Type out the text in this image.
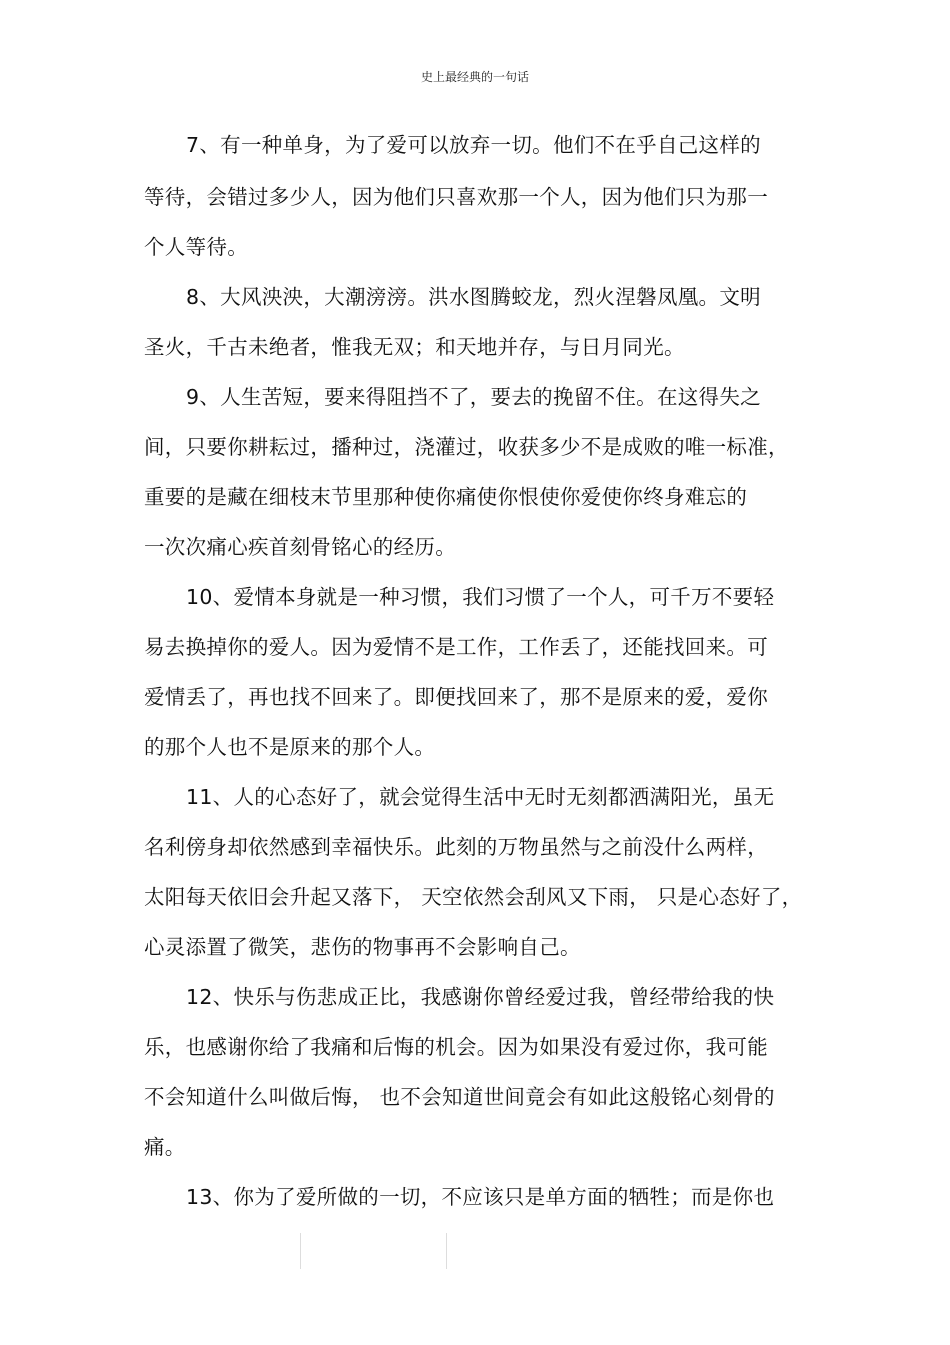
史上最经典的一句话
7、有一种单身，为了爱可以放弃一切。他们不在乎自己这样的
等待，会错过多少人，因为他们只喜欢那一个人，因为他们只为那一
个人等待。
8、大风泱泱，大潮滂滂。洪水图腾蛟龙，烈火涅磐凤凰。文明
圣火，千古未绝者，惟我无双；和天地并存，与日月同光。
9、人生苦短，要来得阻挡不了，要去的挽留不住。在这得失之
间，只要你耕耘过，播种过，浇灌过，收获多少不是成败的唯一标准，
重要的是藏在细枝末节里那种使你痛使你恨使你爱使你终身难忘的
一次次痛心疾首刻骨铭心的经历。
10、爱情本身就是一种习惯，我们习惯了一个人，可千万不要轻
易去换掉你的爱人。因为爱情不是工作，工作丢了，还能找回来。可
爱情丢了，再也找不回来了。即便找回来了，那不是原来的爱，爱你
的那个人也不是原来的那个人。
11、人的心态好了，就会觉得生活中无时无刻都洒满阳光，虽无
名利傍身却依然感到幸福快乐。此刻的万物虽然与之前没什么两样，
太阳每天依旧会升起又落下， 天空依然会刮风又下雨， 只是心态好了，
心灵添置了微笑，悲伤的物事再不会影响自己。
12、快乐与伤悲成正比，我感谢你曾经爱过我，曾经带给我的快
乐，也感谢你给了我痛和后悔的机会。因为如果没有爱过你，我可能
不会知道什么叫做后悔， 也不会知道世间竟会有如此这般铭心刻骨的
痛。
13、你为了爱所做的一切，不应该只是单方面的牺牲；而是你也
